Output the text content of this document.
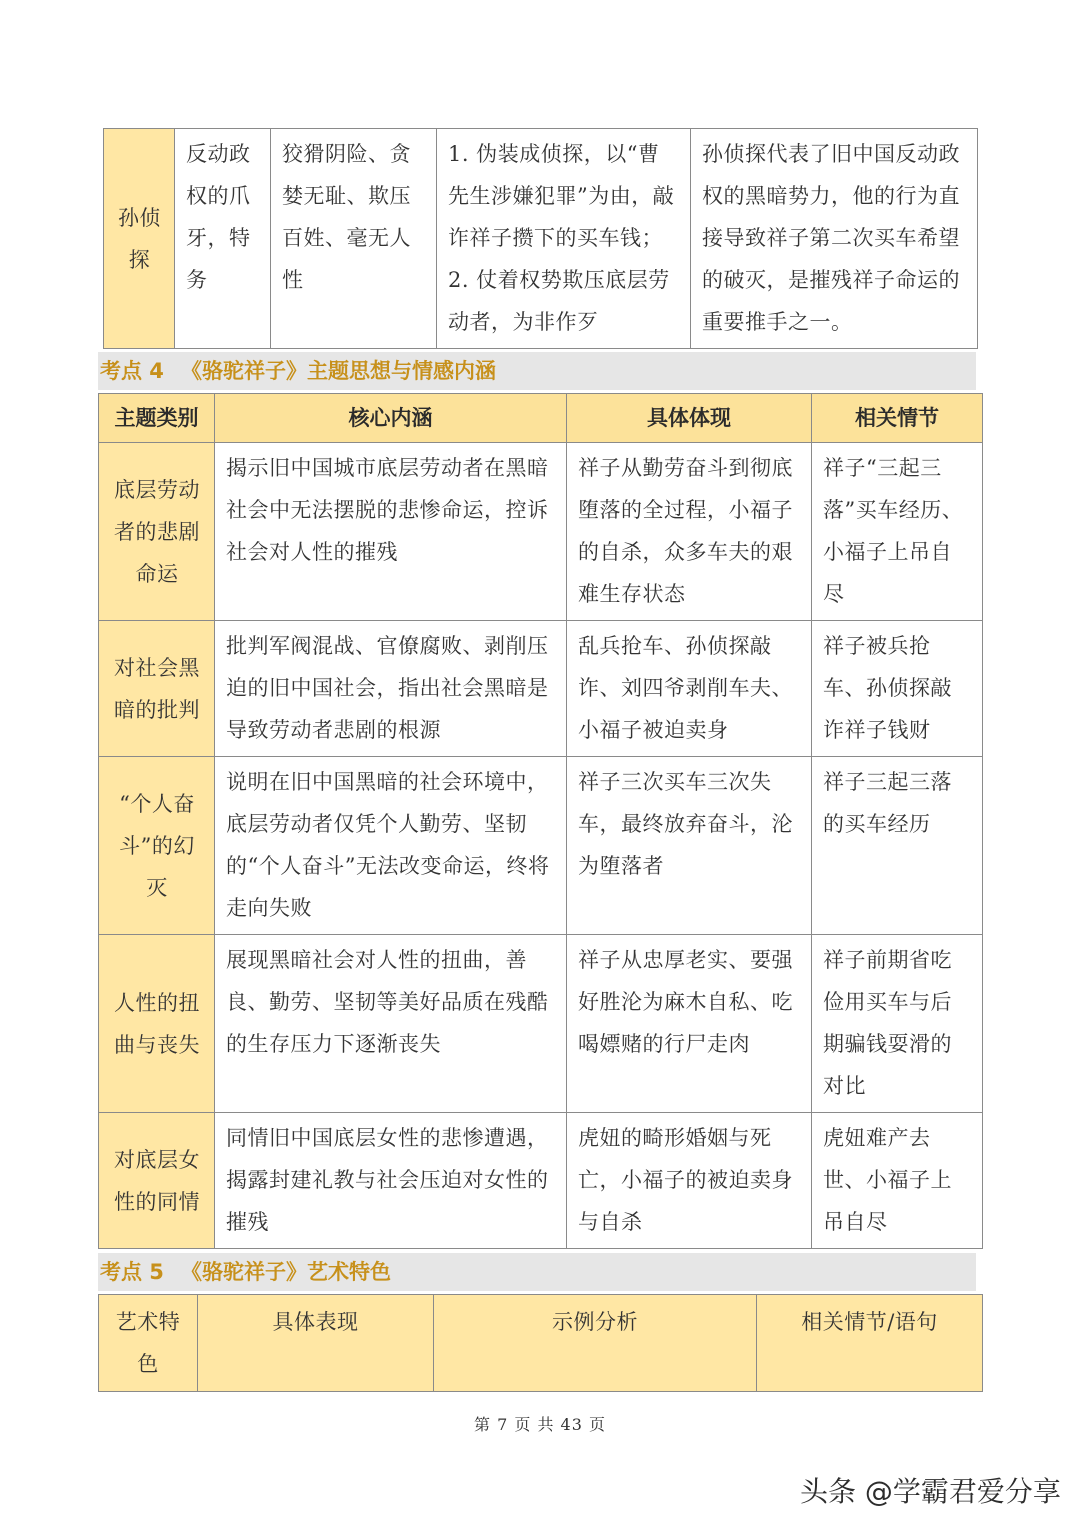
孙侦探	反动政权的爪牙，特务	狡猾阴险、贪婪无耻、欺压百姓、毫无人性	1. 伪装成侦探，以“曹先生涉嫌犯罪”为由，敲诈祥子攒下的买车钱；2. 仗着权势欺压底层劳动者，为非作歹	孙侦探代表了旧中国反动政权的黑暗势力，他的行为直接导致祥子第二次买车希望的破灭，是摧残祥子命运的重要推手之一。
考点 4 《骆驼祥子》主题思想与情感内涵
主题类别	核心内涵	具体体现	相关情节
底层劳动者的悲剧命运	揭示旧中国城市底层劳动者在黑暗社会中无法摆脱的悲惨命运，控诉社会对人性的摧残	祥子从勤劳奋斗到彻底堕落的全过程，小福子的自杀，众多车夫的艰难生存状态	祥子“三起三落”买车经历、小福子上吊自尽
对社会黑暗的批判	批判军阀混战、官僚腐败、剥削压迫的旧中国社会，指出社会黑暗是导致劳动者悲剧的根源	乱兵抢车、孙侦探敲诈、刘四爷剥削车夫、小福子被迫卖身	祥子被兵抢车、孙侦探敲诈祥子钱财
“个人奋斗”的幻灭	说明在旧中国黑暗的社会环境中，底层劳动者仅凭个人勤劳、坚韧的“个人奋斗”无法改变命运，终将走向失败	祥子三次买车三次失车，最终放弃奋斗，沦为堕落者	祥子三起三落的买车经历
人性的扭曲与丧失	展现黑暗社会对人性的扭曲，善良、勤劳、坚韧等美好品质在残酷的生存压力下逐渐丧失	祥子从忠厚老实、要强好胜沦为麻木自私、吃喝嫖赌的行尸走肉	祥子前期省吃俭用买车与后期骗钱耍滑的对比
对底层女性的同情	同情旧中国底层女性的悲惨遭遇，揭露封建礼教与社会压迫对女性的摧残	虎妞的畸形婚姻与死亡，小福子的被迫卖身与自杀	虎妞难产去世、小福子上吊自尽
考点 5 《骆驼祥子》艺术特色
艺术特色	具体表现	示例分析	相关情节/语句
第 7 页 共 43 页
头条 @学霸君爱分享
